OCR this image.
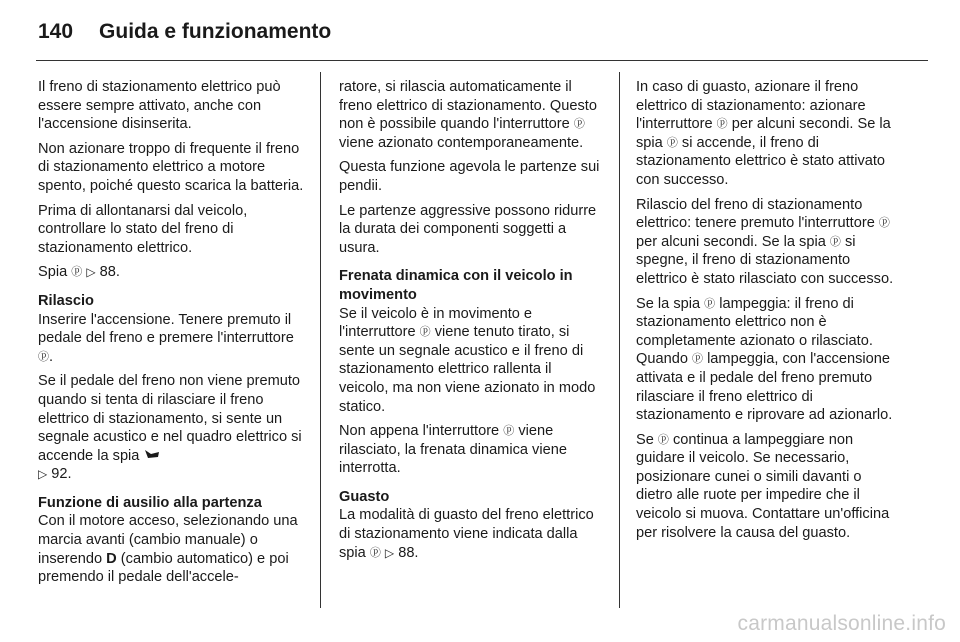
140 Guida e funzionamento

Il freno di stazionamento elettrico può essere sempre attivato, anche con l'accensione disinserita.

Non azionare troppo di frequente il freno di stazionamento elettrico a motore spento, poiché questo scarica la batteria.

Prima di allontanarsi dal veicolo, controllare lo stato del freno di stazionamento elettrico.

Spia ⓟ ▷ 88.

Rilascio

Inserire l'accensione. Tenere premuto il pedale del freno e premere l'interruttore ⓟ.

Se il pedale del freno non viene premuto quando si tenta di rilasciare il freno elettrico di stazionamento, si sente un segnale acustico e nel quadro elettrico si accende la spia
▷ 92.

Funzione di ausilio alla partenza

Con il motore acceso, selezionando una marcia avanti (cambio manuale) o inserendo D (cambio automatico) e poi premendo il pedale dell'accele-

ratore, si rilascia automaticamente il freno elettrico di stazionamento. Questo non è possibile quando l'interruttore ⓟ viene azionato contemporaneamente.

Questa funzione agevola le partenze sui pendii.

Le partenze aggressive possono ridurre la durata dei componenti soggetti a usura.

Frenata dinamica con il veicolo in movimento

Se il veicolo è in movimento e l'interruttore ⓟ viene tenuto tirato, si sente un segnale acustico e il freno di stazionamento elettrico rallenta il veicolo, ma non viene azionato in modo statico.

Non appena l'interruttore ⓟ viene rilasciato, la frenata dinamica viene interrotta.

Guasto

La modalità di guasto del freno elettrico di stazionamento viene indicata dalla spia ⓟ ▷ 88.

In caso di guasto, azionare il freno elettrico di stazionamento: azionare l'interruttore ⓟ per alcuni secondi. Se la spia ⓟ si accende, il freno di stazionamento elettrico è stato attivato con successo.

Rilascio del freno di stazionamento elettrico: tenere premuto l'interruttore ⓟ per alcuni secondi. Se la spia ⓟ si spegne, il freno di stazionamento elettrico è stato rilasciato con successo.

Se la spia ⓟ lampeggia: il freno di stazionamento elettrico non è completamente azionato o rilasciato. Quando ⓟ lampeggia, con l'accensione attivata e il pedale del freno premuto rilasciare il freno elettrico di stazionamento e riprovare ad azionarlo.

Se ⓟ continua a lampeggiare non guidare il veicolo. Se necessario, posizionare cunei o simili davanti o dietro alle ruote per impedire che il veicolo si muova. Contattare un'officina per risolvere la causa del guasto.

carmanualsonline.info
